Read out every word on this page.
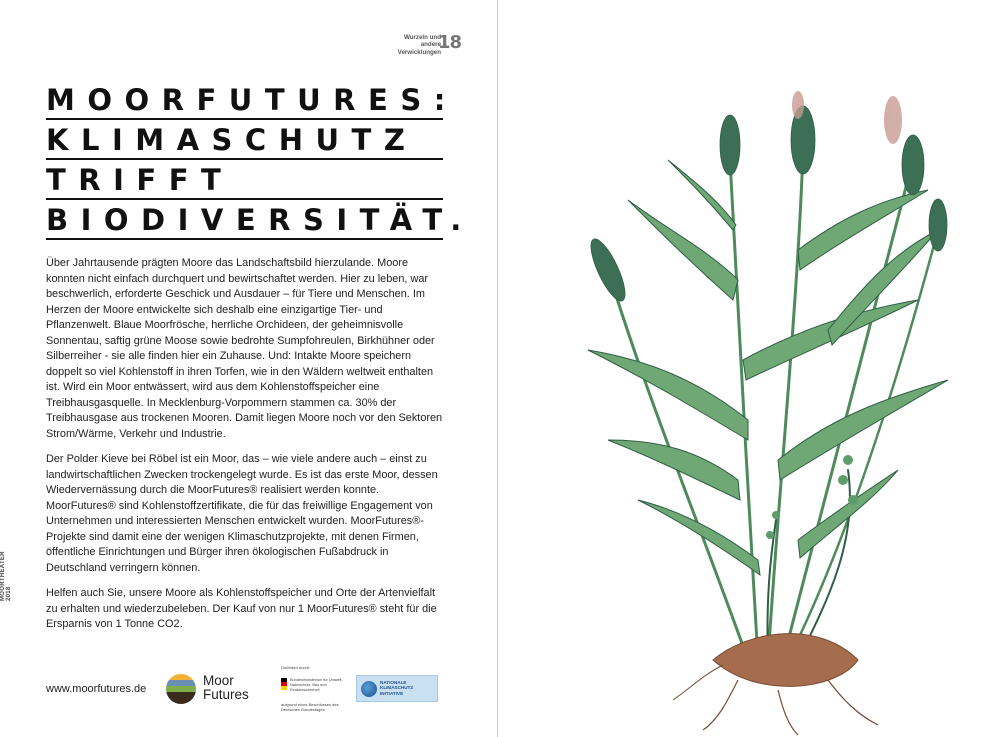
Wurzeln und
andere
Verwicklungen
18
MOORTHEATER 2018
MOORFUTURES:
KLIMASCHUTZ
TRIFFT
BIODIVERSITÄT.

Über Jahrtausende prägten Moore das Landschaftsbild hierzulande. Moore konnten nicht einfach durchquert und bewirtschaftet werden. Hier zu leben, war beschwerlich, erforderte Geschick und Ausdauer – für Tiere und Menschen. Im Herzen der Moore entwickelte sich deshalb eine einzigartige Tier- und Pflanzenwelt. Blaue Moorfrösche, herrliche Orchideen, der geheimnisvolle Sonnentau, saftig grüne Moose sowie bedrohte Sumpfohreulen, Birkhühner oder Silberreiher - sie alle finden hier ein Zuhause. Und: Intakte Moore speichern doppelt so viel Kohlenstoff in ihren Torfen, wie in den Wäldern weltweit enthalten ist. Wird ein Moor entwässert, wird aus dem Kohlenstoffspeicher eine Treibhausgasquelle. In Mecklenburg-Vorpommern stammen ca. 30% der Treibhausgase aus trockenen Mooren. Damit liegen Moore noch vor den Sektoren Strom/Wärme, Verkehr und Industrie.

Der Polder Kieve bei Röbel ist ein Moor, das – wie viele andere auch – einst zu landwirtschaftlichen Zwecken trockengelegt wurde. Es ist das erste Moor, dessen Wiedervernässung durch die MoorFutures® realisiert werden konnte. MoorFutures® sind Kohlenstoffzertifikate, die für das freiwillige Engagement von Unternehmen und interessierten Menschen entwickelt wurden. MoorFutures®-Projekte sind damit eine der wenigen Klimaschutzprojekte, mit denen Firmen, öffentliche Einrichtungen und Bürger ihren ökologischen Fußabdruck in Deutschland verringern können.

Helfen auch Sie, unsere Moore als Kohlenstoffspeicher und Orte der Artenvielfalt zu erhalten und wiederzubeleben. Der Kauf von nur 1 MoorFutures® steht für die Ersparnis von 1 Tonne CO2.

www.moorfutures.de
Moor
Futures
Gefördert durch:
Bundesministerium für Umwelt, Naturschutz, Bau und Reaktorsicherheit
aufgrund eines Beschlusses des Deutschen Bundestages
NATIONALE
KLIMASCHUTZ
INITIATIVE
